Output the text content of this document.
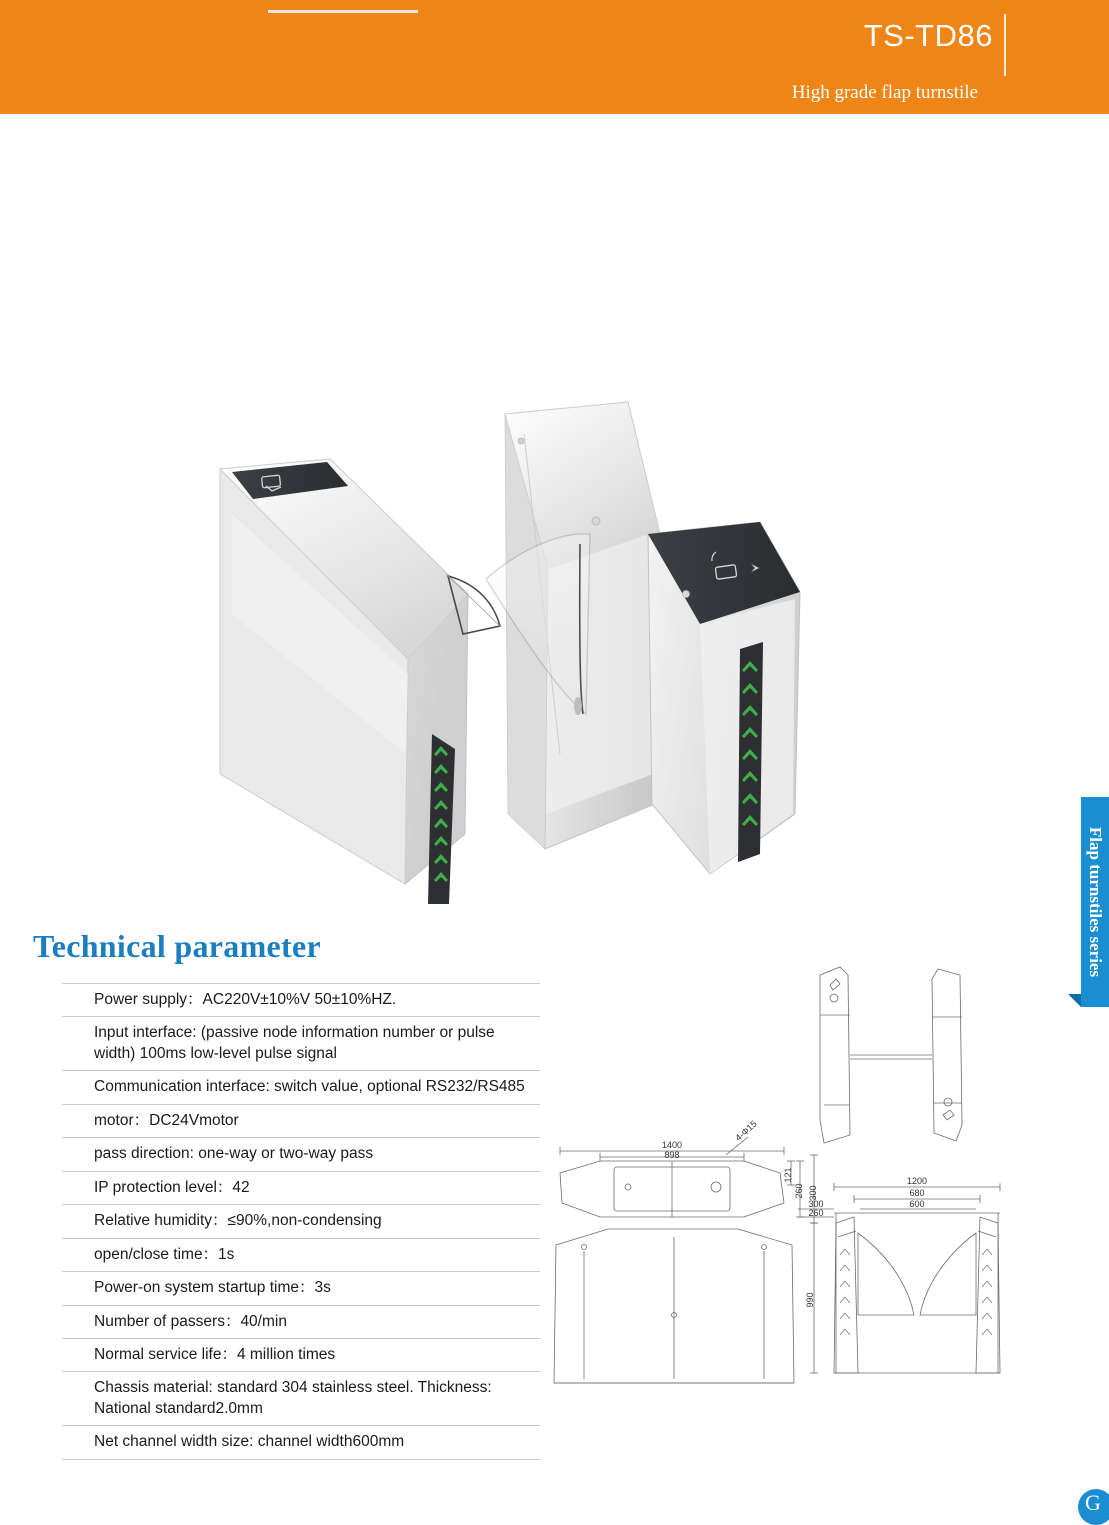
TS-TD86
High grade flap turnstile
Flap turnstiles series
Technical parameter
Power supply：AC220V±10%V 50±10%HZ.
Input interface: (passive node information number or pulse width) 100ms low-level pulse signal
Communication interface: switch value, optional RS232/RS485
motor：DC24Vmotor
pass direction: one-way or two-way pass
IP protection level：42
Relative humidity：≤90%,non-condensing
open/close time：1s
Power-on system startup time：3s
Number of passers：40/min
Normal service life：4 million times
Chassis material: standard 304 stainless steel. Thickness: National standard2.0mm
Net channel width size: channel width600mm
1400
898
4-Φ15
121
260 300
1200
680
600
300
260
990
G
